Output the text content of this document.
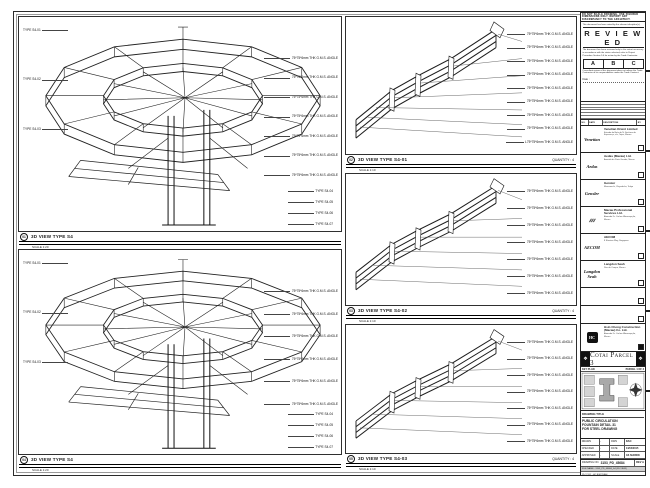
TYPE S4-01
TYPE S4-02
TYPE S4-03
75*75*6mm THK G.M.S. ANGLE
75*75*6mm THK G.M.S. ANGLE
75*75*6mm THK G.M.S. ANGLE
75*75*6mm THK G.M.S. ANGLE
75*75*6mm THK G.M.S. ANGLE
75*75*6mm THK G.M.S. ANGLE
75*75*6mm THK G.M.S. ANGLE
TYPE S4-04
TYPE S4-05
TYPE S4-06
TYPE S4-07
01	3D VIEW TYPE S4
SCALE 1:20
TYPE S4-01
TYPE S4-02
TYPE S4-03
75*75*6mm THK G.M.S. ANGLE
75*75*6mm THK G.M.S. ANGLE
75*75*6mm THK G.M.S. ANGLE
75*75*6mm THK G.M.S. ANGLE
75*75*6mm THK G.M.S. ANGLE
75*75*6mm THK G.M.S. ANGLE
TYPE S4-04
TYPE S4-05
TYPE S4-06
TYPE S4-07
04	3D VIEW TYPE S4
SCALE 1:20
75*75*6mm THK G.M.S. ANGLE
75*75*6mm THK G.M.S. ANGLE
75*75*6mm THK G.M.S. ANGLE
75*75*6mm THK G.M.S. ANGLE
75*75*6mm THK G.M.S. ANGLE
75*75*6mm THK G.M.S. ANGLE
75*75*6mm THK G.M.S. ANGLE
75*75*6mm THK G.M.S. ANGLE
L75*75*6mm THK G.M.S. ANGLE
02	3D VIEW TYPE S4-01	QUANTITY : 4
SCALE 1:10
75*75*6mm THK G.M.S. ANGLE
75*75*6mm THK G.M.S. ANGLE
75*75*6mm THK G.M.S. ANGLE
75*75*6mm THK G.M.S. ANGLE
75*75*6mm THK G.M.S. ANGLE
75*75*6mm THK G.M.S. ANGLE
75*75*6mm THK G.M.S. ANGLE
03	3D VIEW TYPE S4-02	QUANTITY : 4
SCALE 1:10
75*75*6mm THK G.M.S. ANGLE
75*75*6mm THK G.M.S. ANGLE
75*75*6mm THK G.M.S. ANGLE
75*75*6mm THK G.M.S. ANGLE
75*75*6mm THK G.M.S. ANGLE
75*75*6mm THK G.M.S. ANGLE
75*75*6mm THK G.M.S. ANGLE
05	3D VIEW TYPE S4-03	QUANTITY : 4
SCALE 1:10
DO NOT SCALE DRAWING. USE FIGURED DIMENSIONS ONLY. REPORT ANY DISCREPANCY TO THE ARCHITECT.
This document has been noted by the relevant discipline(s).
R E V I E W E D
The document has been reviewed only to the extent necessary in accordance with the status selected; refer to Project Procedure Section 5.4 for action by the Trade Contractor.
A	B	C
Consultant review of this document does not relieve the Trade Contractor of his responsibilities under the Trade Contract.
Date :
NO.	DATE	DESCRIPTION	BY
Venetian
Venetian Orient Limited
Estrada da Baía de N. Senhora da Esperança, s/n, Taipa, Macau
Aedas
Aedas (Macau) Ltd.
Avenida da Praia Grande, Macau
Gensler
Gensler
Marunouchi, Chiyoda-ku, Tokyo
⫽⫽⫽
Macau Professional Services Ltd.
Alameda Dr. Carlos d'Assumpção, Macau
AECOM
AECOM
8 Shenton Way, Singapore
Langdon Seah
Langdon Seah
Rua do Campo, Macau
HC
Hsin Chong Construction (Macau) Co. Ltd.
Alameda Dr. Carlos d'Assumpção, Macau
❖ Cotai Parcel 3	❖
KEY PLAN	PARCEL 1 OF 3
DRAWING TITLE
PUBLIC CIRCULATION
FOUNTAIN DETAIL 31
FOR STEEL DRAWING
DRAWN	-	DWN	DAO
CHECKED	-	DATE	14/04/2015
APPROVED	-	SCALE	AS SHOWN
DRAWING NO. 3153_PD_45684	REV A
FILE NAME : 3153_PD_45684_S4 (3D VIEW)
PLOT BY : HC BIM TEAM
